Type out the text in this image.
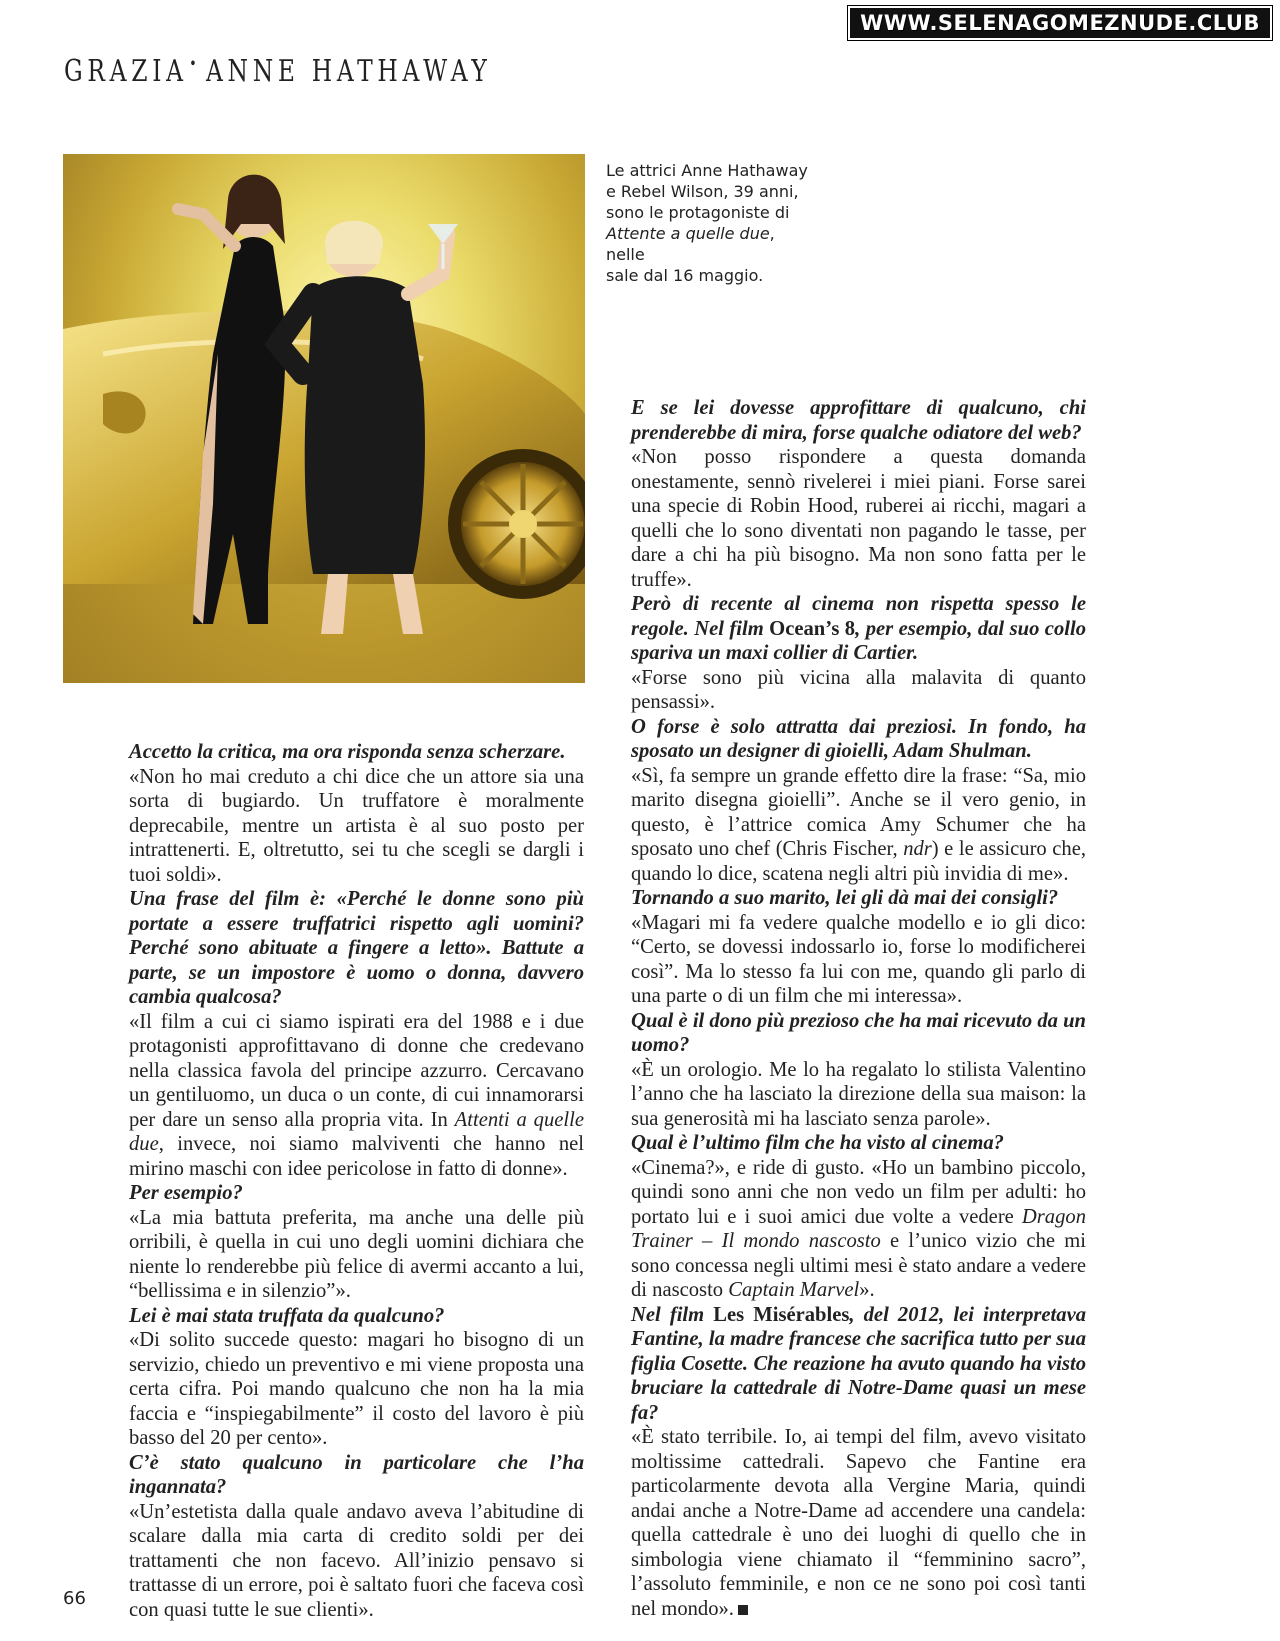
WWW.SELENAGOMEZNUDE.CLUB
GRAZIA• ANNE HATHAWAY
Le attrici Anne Hathaway
e Rebel Wilson, 39 anni,
sono le protagoniste di
Attente a quelle due, nelle
sale dal 16 maggio.

Accetto la critica, ma ora risponda senza scherzare.

«Non ho mai creduto a chi dice che un attore sia una sorta di bugiardo. Un truffatore è moralmente deprecabile, mentre un artista è al suo posto per intrattenerti. E, oltretutto, sei tu che scegli se dargli i tuoi soldi».

Una frase del film è: «Perché le donne sono più portate a essere truffatrici rispetto agli uomini? Perché sono abituate a fingere a letto». Battute a parte, se un impostore è uomo o donna, davvero cambia qualcosa?

«Il film a cui ci siamo ispirati era del 1988 e i due protagonisti approfittavano di donne che credevano nella classica favola del principe azzurro. Cercavano un gentiluomo, un duca o un conte, di cui innamorarsi per dare un senso alla propria vita. In Attenti a quelle due, invece, noi siamo malviventi che hanno nel mirino maschi con idee pericolose in fatto di donne».

Per esempio?

«La mia battuta preferita, ma anche una delle più orribili, è quella in cui uno degli uomini dichiara che niente lo renderebbe più felice di avermi accanto a lui, “bellissima e in silenzio”».

Lei è mai stata truffata da qualcuno?

«Di solito succede questo: magari ho bisogno di un servizio, chiedo un preventivo e mi viene proposta una certa cifra. Poi mando qualcuno che non ha la mia faccia e “inspiegabilmente” il costo del lavoro è più basso del 20 per cento».

C’è stato qualcuno in particolare che l’ha ingannata?

«Un’estetista dalla quale andavo aveva l’abitudine di scalare dalla mia carta di credito soldi per dei trattamenti che non facevo. All’inizio pensavo si trattasse di un errore, poi è saltato fuori che faceva così con quasi tutte le sue clienti».

E se lei dovesse approfittare di qualcuno, chi prenderebbe di mira, forse qualche odiatore del web?

«Non posso rispondere a questa domanda onestamente, sennò rivelerei i miei piani. Forse sarei una specie di Robin Hood, ruberei ai ricchi, magari a quelli che lo sono diventati non pagando le tasse, per dare a chi ha più bisogno. Ma non sono fatta per le truffe».

Però di recente al cinema non rispetta spesso le regole. Nel film Ocean’s 8, per esempio, dal suo collo spariva un maxi collier di Cartier.

«Forse sono più vicina alla malavita di quanto pensassi».

O forse è solo attratta dai preziosi. In fondo, ha sposato un designer di gioielli, Adam Shulman.

«Sì, fa sempre un grande effetto dire la frase: “Sa, mio marito disegna gioielli”. Anche se il vero genio, in questo, è l’attrice comica Amy Schumer che ha sposato uno chef (Chris Fischer, ndr) e le assicuro che, quando lo dice, scatena negli altri più invidia di me».

Tornando a suo marito, lei gli dà mai dei consigli?

«Magari mi fa vedere qualche modello e io gli dico: “Certo, se dovessi indossarlo io, forse lo modificherei così”. Ma lo stesso fa lui con me, quando gli parlo di una parte o di un film che mi interessa».

Qual è il dono più prezioso che ha mai ricevuto da un uomo?

«È un orologio. Me lo ha regalato lo stilista Valentino l’anno che ha lasciato la direzione della sua maison: la sua generosità mi ha lasciato senza parole».

Qual è l’ultimo film che ha visto al cinema?

«Cinema?», e ride di gusto. «Ho un bambino piccolo, quindi sono anni che non vedo un film per adulti: ho portato lui e i suoi amici due volte a vedere Dragon Trainer – Il mondo nascosto e l’unico vizio che mi sono concessa negli ultimi mesi è stato andare a vedere di nascosto Captain Marvel».

Nel film Les Misérables, del 2012, lei interpretava Fantine, la madre francese che sacrifica tutto per sua figlia Cosette. Che reazione ha avuto quando ha visto bruciare la cattedrale di Notre-Dame quasi un mese fa?

«È stato terribile. Io, ai tempi del film, avevo visitato moltissime cattedrali. Sapevo che Fantine era particolarmente devota alla Vergine Maria, quindi andai anche a Notre-Dame ad accendere una candela: quella cattedrale è uno dei luoghi di quello che in simbologia viene chiamato il “femminino sacro”, l’assoluto femminile, e non ce ne sono poi così tanti nel mondo».

66
